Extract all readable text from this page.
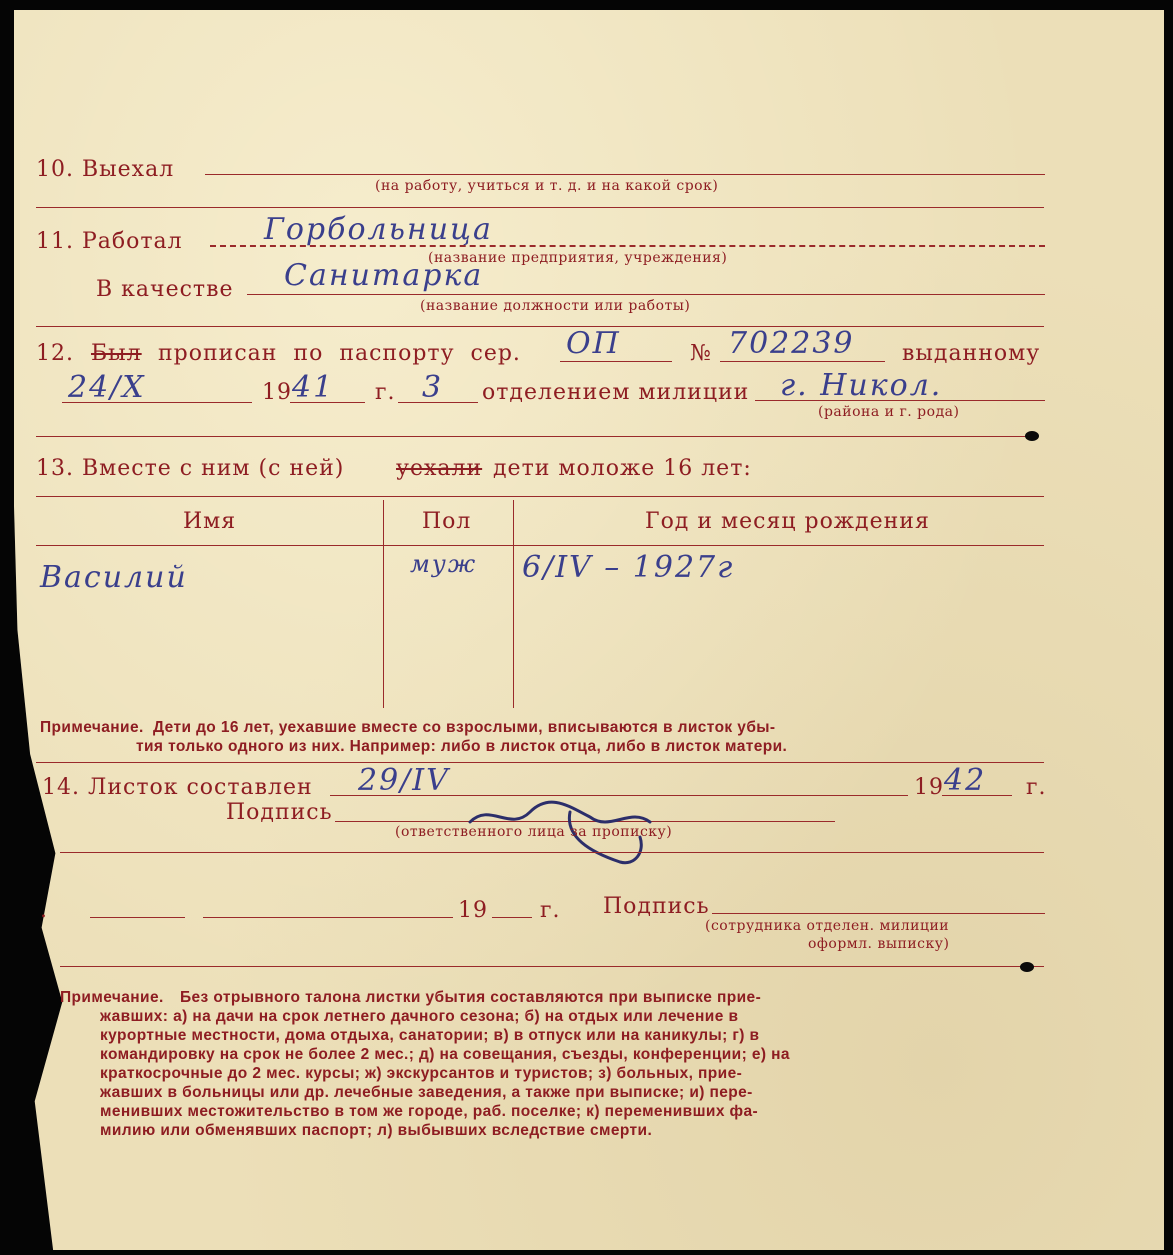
10. Выехал
(на работу, учиться и т. д. и на какой срок)
11. Работал	Горбольница
(название предприятия, учреждения)
В качестве Санитарка
(название должности или работы)
12. Был прописан по паспорту сер. ОП	№ 702239 выданному
24/X	19 41 г. 3 отделением милиции г. Никол.
(района и г. рода)
13. Вместе с ним (с ней) уехали дети моложе 16 лет:
Имя	Пол	Год и месяц рождения
Василий	муж 6/IV – 1927г
Примечание. Дети до 16 лет, уехавшие вместе со взрослыми, вписываются в листок убы-
тия только одного из них. Например: либо в листок отца, либо в листок матери.
14. Листок составлен 29/IV	19 42 г.
Подпись
(ответственного лица за прописку)
.	19 г. Подпись
(сотрудника отделен. милиции
оформл. выписку)
Примечание. Без отрывного талона листки убытия составляются при выписке прие-
жавших: а) на дачи на срок летнего дачного сезона; б) на отдых или лечение в
курортные местности, дома отдыха, санатории; в) в отпуск или на каникулы; г) в
командировку на срок не более 2 мес.; д) на совещания, съезды, конференции; е) на
краткосрочные до 2 мес. курсы; ж) экскурсантов и туристов; з) больных, прие-
жавших в больницы или др. лечебные заведения, а также при выписке; и) пере-
менивших местожительство в том же городе, раб. поселке; к) переменивших фа-
милию или обменявших паспорт; л) выбывших вследствие смерти.
